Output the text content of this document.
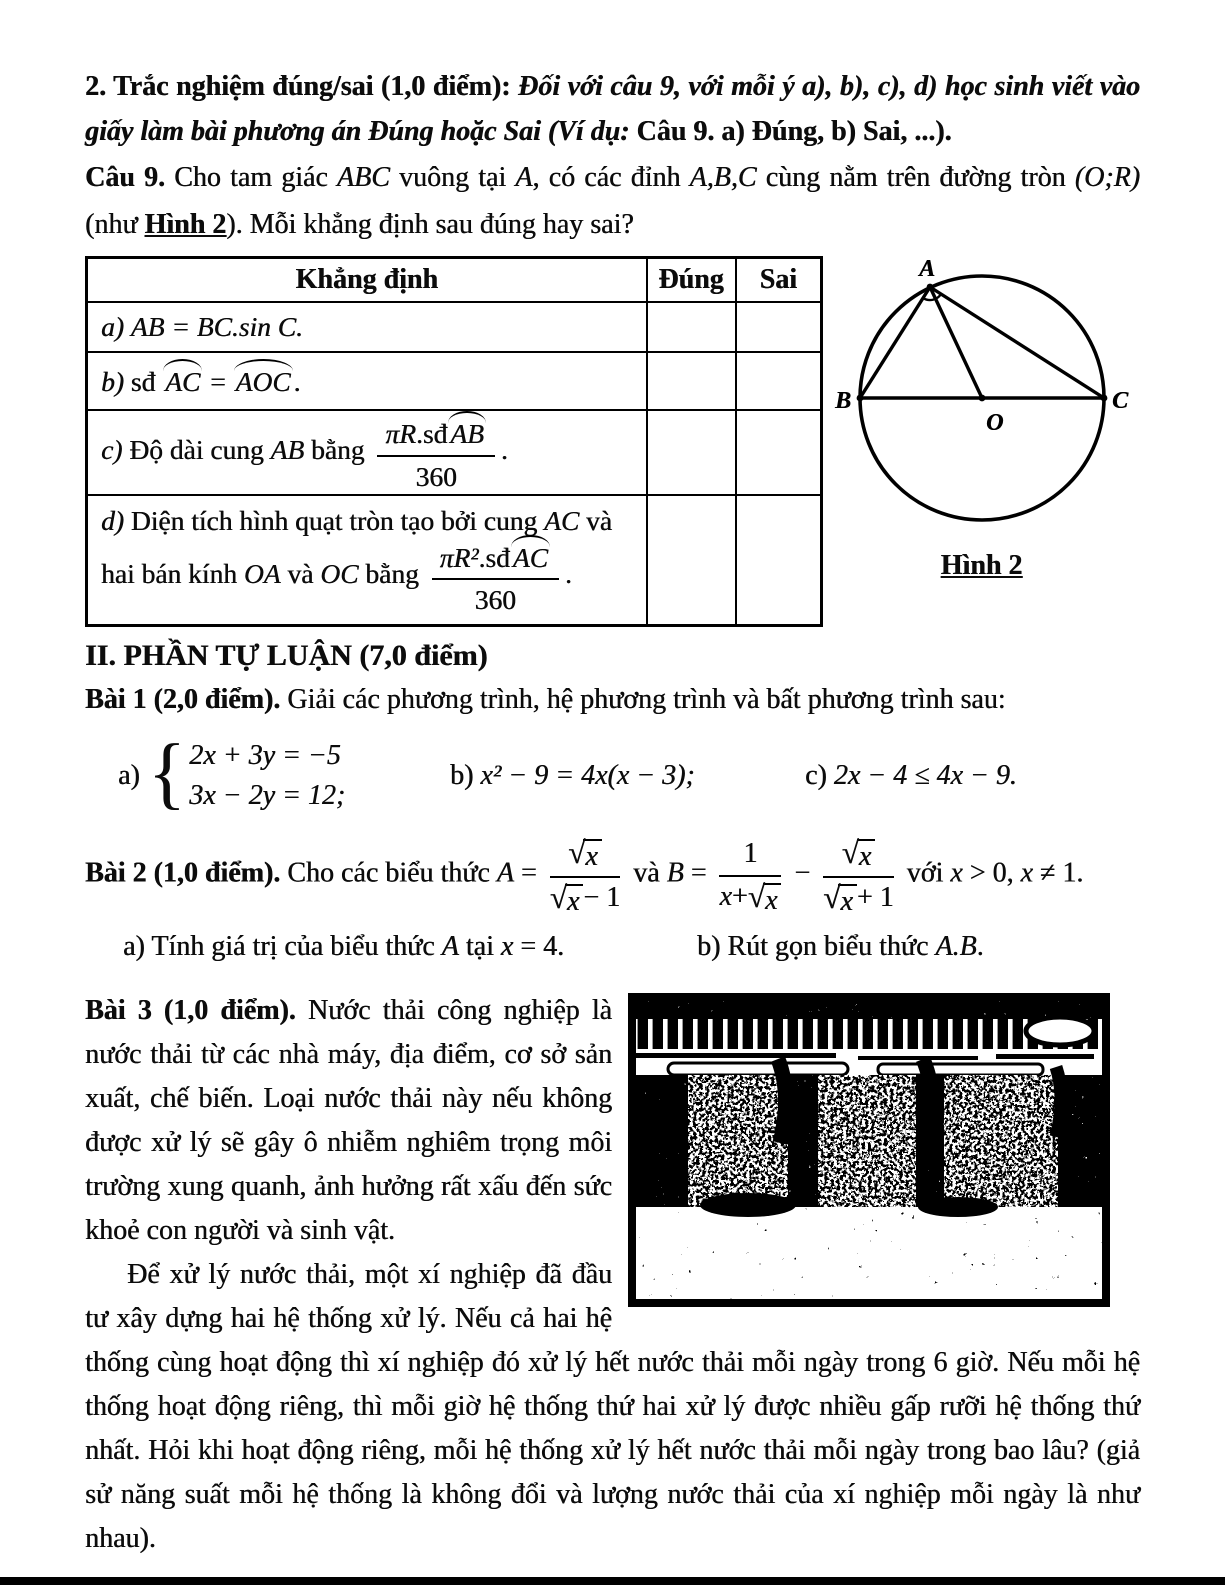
2. Trắc nghiệm đúng/sai (1,0 điểm): Đối với câu 9, với mỗi ý a), b), c), d) học sinh viết vào giấy làm bài phương án Đúng hoặc Sai (Ví dụ: Câu 9. a) Đúng, b) Sai, ...).

Câu 9. Cho tam giác ABC vuông tại A, có các đỉnh A,B,C cùng nằm trên đường tròn (O;R) (như Hình 2). Mỗi khẳng định sau đúng hay sai?

Khẳng định	Đúng	Sai
a) AB = BC.sin C.		
b) sđ AC = AOC .		
c) Độ dài cung AB bằng $\frac{\text{πR .sđ AB}}{360}$ .		
d) Diện tích hình quạt tròn tạo bởi cung AC và hai bán kính OA và OC bằng $\frac{\text{πR² .sđ AC}}{360}$ .		
A
B	C
O
Hình 2
II. PHẦN TỰ LUẬN (7,0 điểm)

Bài 1 (2,0 điểm). Giải các phương trình, hệ phương trình và bất phương trình sau:

a) { 2x + 3y = −5
3x − 2y = 12;
b) x² − 9 = 4x(x − 3);	c) 2x − 4 ≤ 4x − 9.

Bài 2 (1,0 điểm). Cho các biểu thức $A = \frac{√ x}{√ x - 1}$ và $B = \frac{1}{x + √ x} - \frac{√ x}{√ x + 1}$ với x > 0, x ≠ 1.

a) Tính giá trị của biểu thức A tại x = 4.	b) Rút gọn biểu thức A.B.

Bài 3 (1,0 điểm). Nước thải công nghiệp là nước thải từ các nhà máy, địa điểm, cơ sở sản xuất, chế biến. Loại nước thải này nếu không được xử lý sẽ gây ô nhiễm nghiêm trọng môi trường xung quanh, ảnh hưởng rất xấu đến sức khoẻ con người và sinh vật.

Để xử lý nước thải, một xí nghiệp đã đầu tư xây dựng hai hệ thống xử lý. Nếu cả hai hệ thống cùng hoạt động thì xí nghiệp đó xử lý hết nước thải mỗi ngày trong 6 giờ. Nếu mỗi hệ thống hoạt động riêng, thì mỗi giờ hệ thống thứ hai xử lý được nhiều gấp rưỡi hệ thống thứ nhất. Hỏi khi hoạt động riêng, mỗi hệ thống xử lý hết nước thải mỗi ngày trong bao lâu? (giả sử năng suất mỗi hệ thống là không đổi và lượng nước thải của xí nghiệp mỗi ngày là như nhau).
